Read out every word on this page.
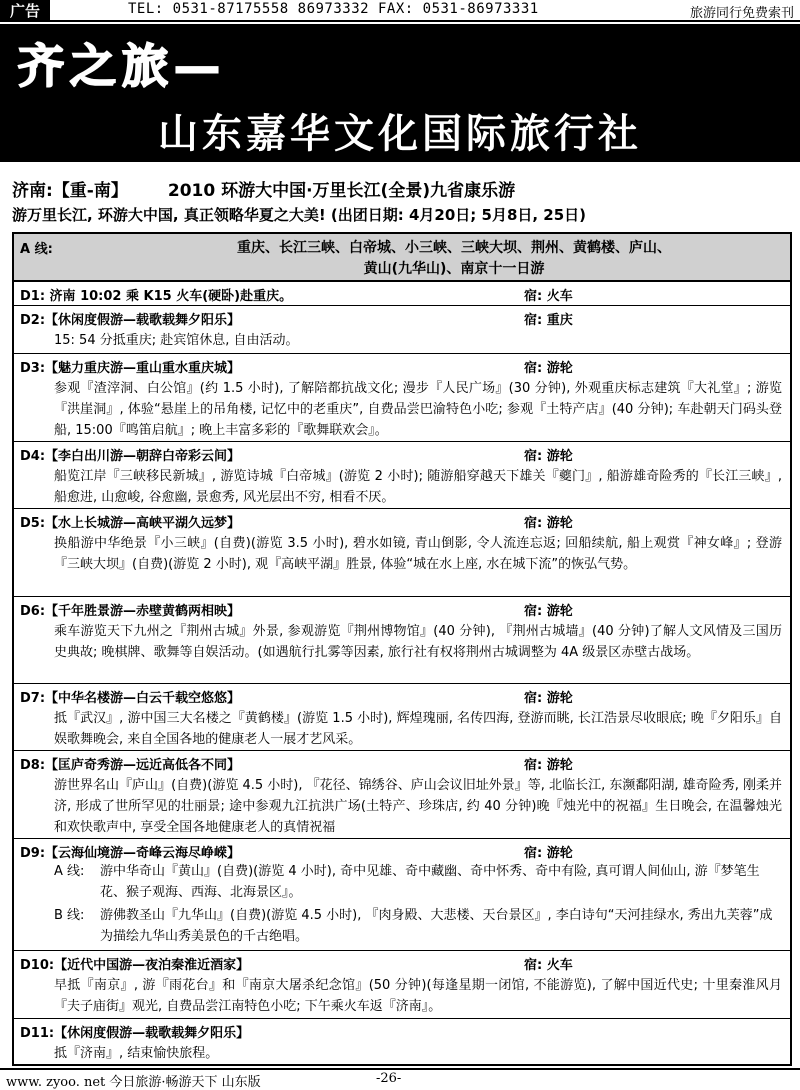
广告	TEL: 0531-87175558 86973332 FAX: 0531-86973331	旅游同行免费索刊
齐之旅—
山东嘉华文化国际旅行社
济南:【重-南】 2010 环游大中国·万里长江(全景)九省康乐游
游万里长江, 环游大中国, 真正领略华夏之大美! (出团日期: 4月20日; 5月8日, 25日)
A 线:	重庆、长江三峡、白帝城、小三峡、三峡大坝、荆州、黄鹤楼、庐山、
黄山(九华山)、南京十一日游
D1: 济南 10:02 乘 K15 火车(硬卧)赴重庆。	宿: 火车
D2:【休闲度假游—载歌载舞夕阳乐】	宿: 重庆
15: 54 分抵重庆; 赴宾馆休息, 自由活动。
D3:【魅力重庆游—重山重水重庆城】	宿: 游轮
参观『渣滓洞、白公馆』(约 1.5 小时), 了解陪都抗战文化; 漫步『人民广场』(30 分钟), 外观重庆标志建筑『大礼堂』; 游览『洪崖洞』, 体验“悬崖上的吊角楼, 记忆中的老重庆”, 自费品尝巴渝特色小吃; 参观『土特产店』(40 分钟); 车赴朝天门码头登船, 15:00『鸣笛启航』; 晚上丰富多彩的『歌舞联欢会』。
D4:【李白出川游—朝辞白帝彩云间】	宿: 游轮
船览江岸『三峡移民新城』, 游览诗城『白帝城』(游览 2 小时); 随游船穿越天下雄关『夔门』, 船游雄奇险秀的『长江三峡』, 船愈进, 山愈峻, 谷愈幽, 景愈秀, 风光层出不穷, 相看不厌。
D5:【水上长城游—高峡平湖久远梦】	宿: 游轮
换船游中华绝景『小三峡』(自费)(游览 3.5 小时), 碧水如镜, 青山倒影, 令人流连忘返; 回船续航, 船上观赏『神女峰』; 登游『三峡大坝』(自费)(游览 2 小时), 观『高峡平湖』胜景, 体验“城在水上座, 水在城下流”的恢弘气势。
D6:【千年胜景游—赤壁黄鹤两相映】	宿: 游轮
乘车游览天下九州之『荆州古城』外景, 参观游览『荆州博物馆』(40 分钟), 『荆州古城墙』(40 分钟)了解人文风情及三国历史典故; 晚棋牌、歌舞等自娱活动。(如遇航行扎雾等因素, 旅行社有权将荆州古城调整为 4A 级景区赤壁古战场。
D7:【中华名楼游—白云千载空悠悠】	宿: 游轮
抵『武汉』, 游中国三大名楼之『黄鹤楼』(游览 1.5 小时), 辉煌瑰丽, 名传四海, 登游而眺, 长江浩景尽收眼底; 晚『夕阳乐』自娱歌舞晚会, 来自全国各地的健康老人一展才艺风采。
D8:【匡庐奇秀游—远近高低各不同】	宿: 游轮
游世界名山『庐山』(自费)(游览 4.5 小时), 『花径、锦绣谷、庐山会议旧址外景』等, 北临长江, 东濒鄱阳湖, 雄奇险秀, 刚柔并济, 形成了世所罕见的壮丽景; 途中参观九江抗洪广场(土特产、珍珠店, 约 40 分钟)晚『烛光中的祝福』生日晚会, 在温馨烛光和欢快歌声中, 享受全国各地健康老人的真情祝福
D9:【云海仙境游—奇峰云海尽峥嵘】	宿: 游轮
A 线:	游中华奇山『黄山』(自费)(游览 4 小时), 奇中见雄、奇中藏幽、奇中怀秀、奇中有险, 真可谓人间仙山, 游『梦笔生花、猴子观海、西海、北海景区』。
B 线:	游佛教圣山『九华山』(自费)(游览 4.5 小时), 『肉身殿、大悲楼、天台景区』, 李白诗句“天河挂绿水, 秀出九芙蓉”成为描绘九华山秀美景色的千古绝唱。
D10:【近代中国游—夜泊秦淮近酒家】	宿: 火车
早抵『南京』, 游『雨花台』和『南京大屠杀纪念馆』(50 分钟)(每逢星期一闭馆, 不能游览), 了解中国近代史; 十里秦淮风月『夫子庙街』观光, 自费品尝江南特色小吃; 下午乘火车返『济南』。
D11:【休闲度假游—载歌载舞夕阳乐】
抵『济南』, 结束愉快旅程。
www. zyoo. net 今日旅游·畅游天下 山东版	-26-
